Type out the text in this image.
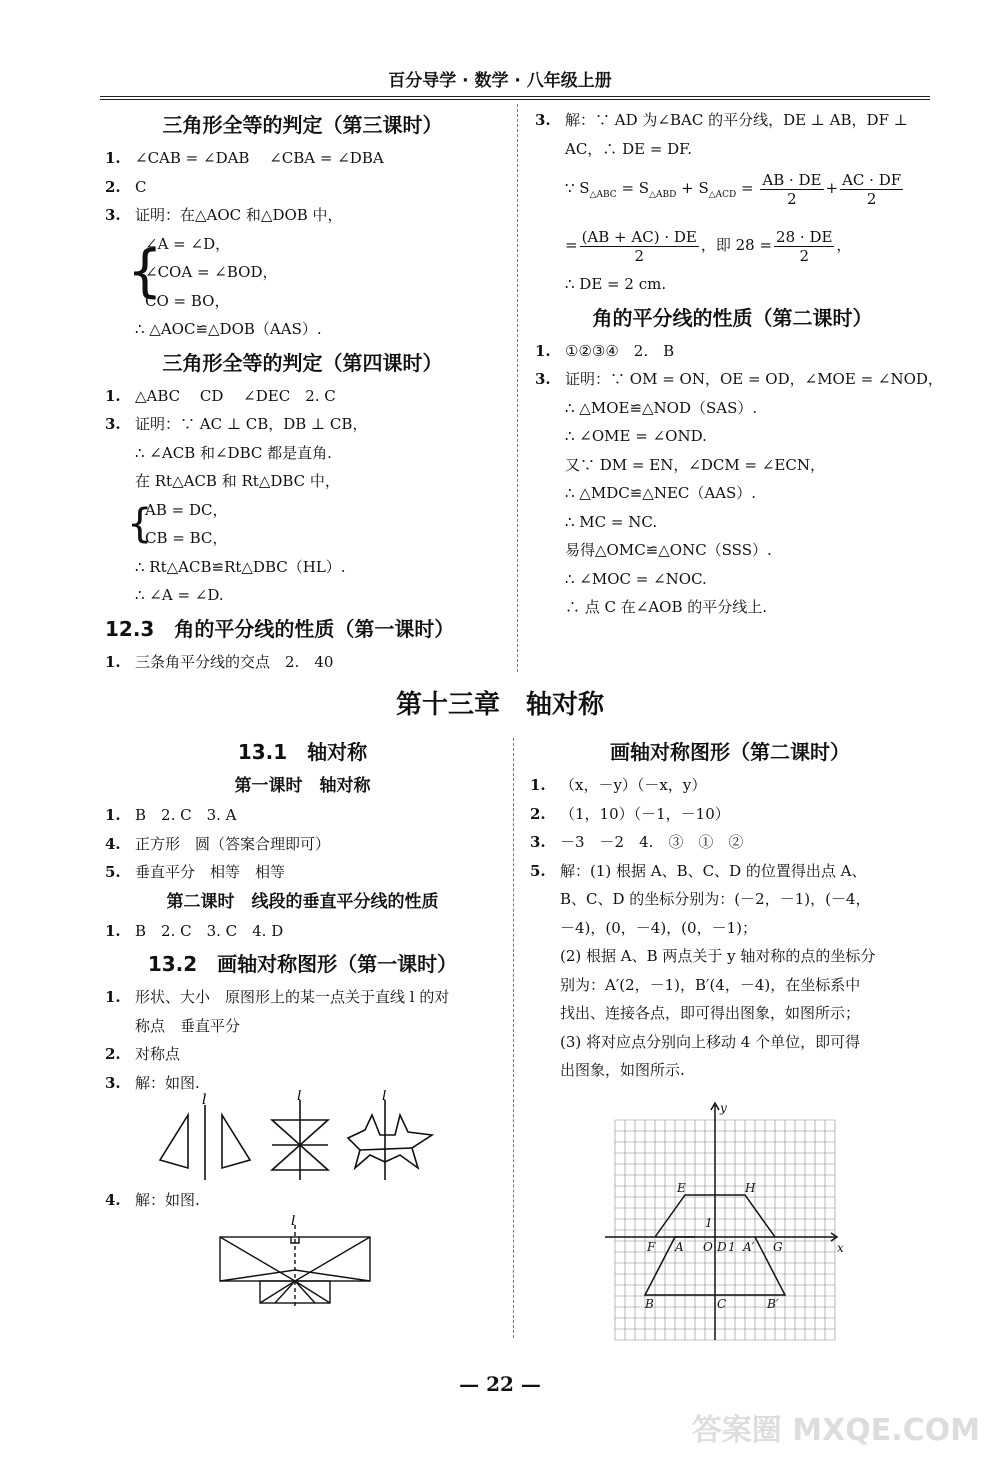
百分导学 · 数学 · 八年级上册
三角形全等的判定（第三课时）
1. ∠CAB = ∠DAB　 ∠CBA = ∠DBA
2. C
3. 证明：在△AOC 和△DOB 中，
{
∠A = ∠D，
∠COA = ∠BOD，
CO = BO，
∴ △AOC≌△DOB（AAS）.
三角形全等的判定（第四课时）
1. △ABC　 CD　 ∠DEC　2. C
3. 证明：∵ AC ⊥ CB，DB ⊥ CB，
∴ ∠ACB 和∠DBC 都是直角.
在 Rt△ACB 和 Rt△DBC 中，
{
AB = DC，
CB = BC，
∴ Rt△ACB≌Rt△DBC（HL）.
∴ ∠A = ∠D.
12.3　角的平分线的性质（第一课时）
1. 三条角平分线的交点　2.　40
3. 解：∵ AD 为∠BAC 的平分线，DE ⊥ AB，DF ⊥
AC，∴ DE = DF.
∵ $S_{\triangle ABC} = S_{\triangle ABD} + S_{\triangle ACD} = \frac{AB \cdot DE}{2} + \frac{AC \cdot DF}{2}$
= $\frac{(AB + AC) \cdot DE}{2}$ ，即 $28 = \frac{28 \cdot DE}{2}$ ，
∴ DE = 2 cm.
角的平分线的性质（第二课时）
1. ①②③④　2.　B
3. 证明：∵ OM = ON，OE = OD，∠MOE = ∠NOD，
∴ △MOE≌△NOD（SAS）.
∴ ∠OME = ∠OND.
又∵ DM = EN，∠DCM = ∠ECN，
∴ △MDC≌△NEC（AAS）.
∴ MC = NC.
易得△OMC≌△ONC（SSS）.
∴ ∠MOC = ∠NOC.
∴ 点 C 在∠AOB 的平分线上.
第十三章　轴对称
13.1　轴对称
第一课时　轴对称
1. B　2. C　3. A
4. 正方形　圆（答案合理即可）
5. 垂直平分　相等　相等
第二课时　线段的垂直平分线的性质
1. B　2. C　3. C　4. D
13.2　画轴对称图形（第一课时）
1. 形状、大小　原图形上的某一点关于直线 l 的对
称点　垂直平分
2. 对称点
3. 解：如图.
l	l	l
4. 解：如图.
l
画轴对称图形（第二课时）
1. （x，－y）（－x，y）
2. （1，10）（－1，－10）
3. －3　－2　4.　③　①　②
5. 解：(1) 根据 A、B、C、D 的位置得出点 A、
B、C、D 的坐标分别为：(－2，－1)，(－4，
－4)，(0，－4)，(0，－1)；
(2) 根据 A、B 两点关于 y 轴对称的点的坐标分
别为：A′(2，－1)，B′(4，－4)，在坐标系中
找出、连接各点，即可得出图象，如图所示；
(3) 将对应点分别向上移动 4 个单位，即可得
出图象，如图所示.
x
y
E	H
F A O D 1
1
A′ G
B	C	B′
— 22 —
答案圈 MXQE.COM
